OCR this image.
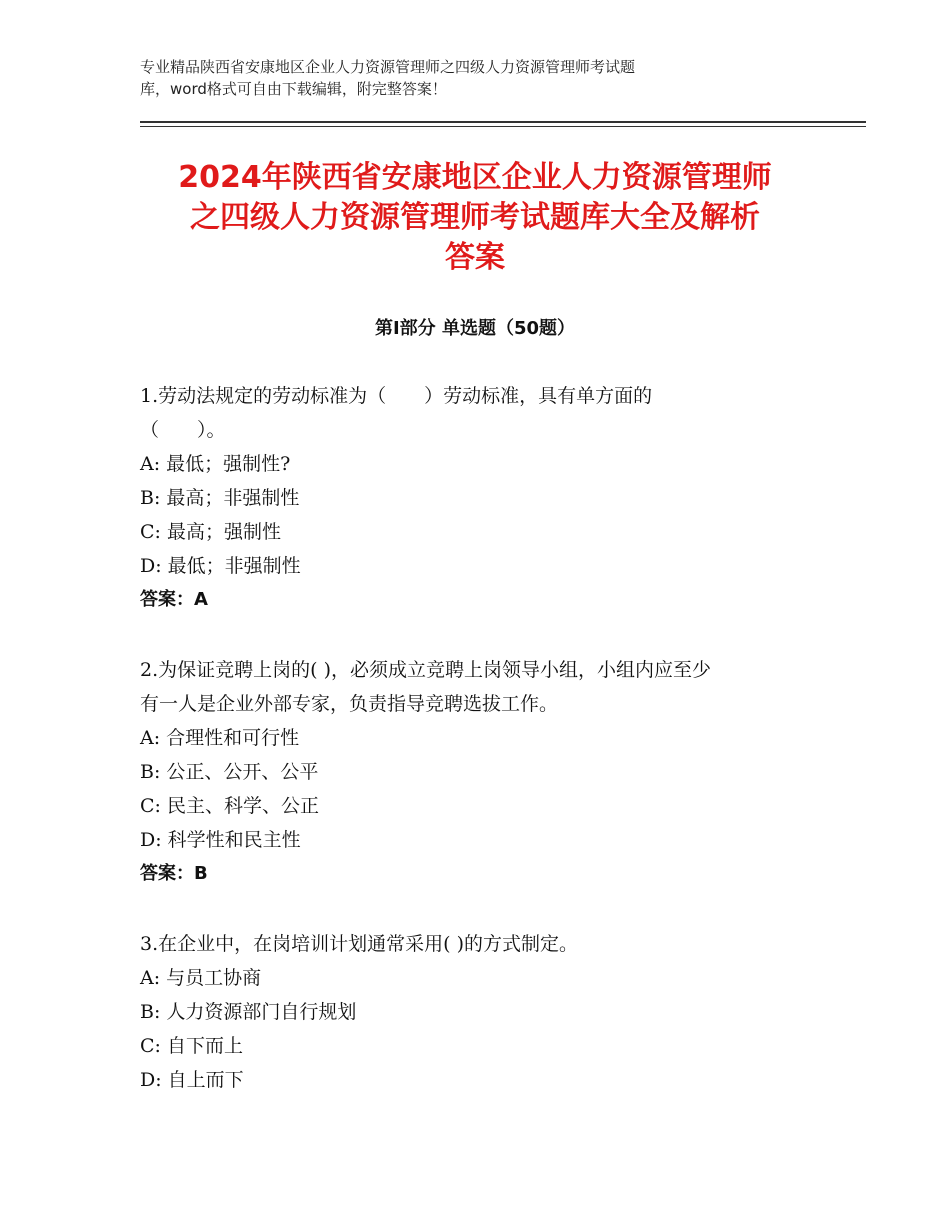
专业精品陕西省安康地区企业人力资源管理师之四级人力资源管理师考试题
库，word格式可自由下载编辑，附完整答案！
2024年陕西省安康地区企业人力资源管理师
之四级人力资源管理师考试题库大全及解析
答案
第Ⅰ部分 单选题（50题）
1.劳动法规定的劳动标准为（　　）劳动标准，具有单方面的
（　　）。
A: 最低；强制性?
B: 最高；非强制性
C: 最高；强制性
D: 最低；非强制性
答案：A
2.为保证竞聘上岗的( )，必须成立竞聘上岗领导小组，小组内应至少
有一人是企业外部专家，负责指导竞聘选拔工作。
A: 合理性和可行性
B: 公正、公开、公平
C: 民主、科学、公正
D: 科学性和民主性
答案：B
3.在企业中，在岗培训计划通常采用( )的方式制定。
A: 与员工协商
B: 人力资源部门自行规划
C: 自下而上
D: 自上而下
